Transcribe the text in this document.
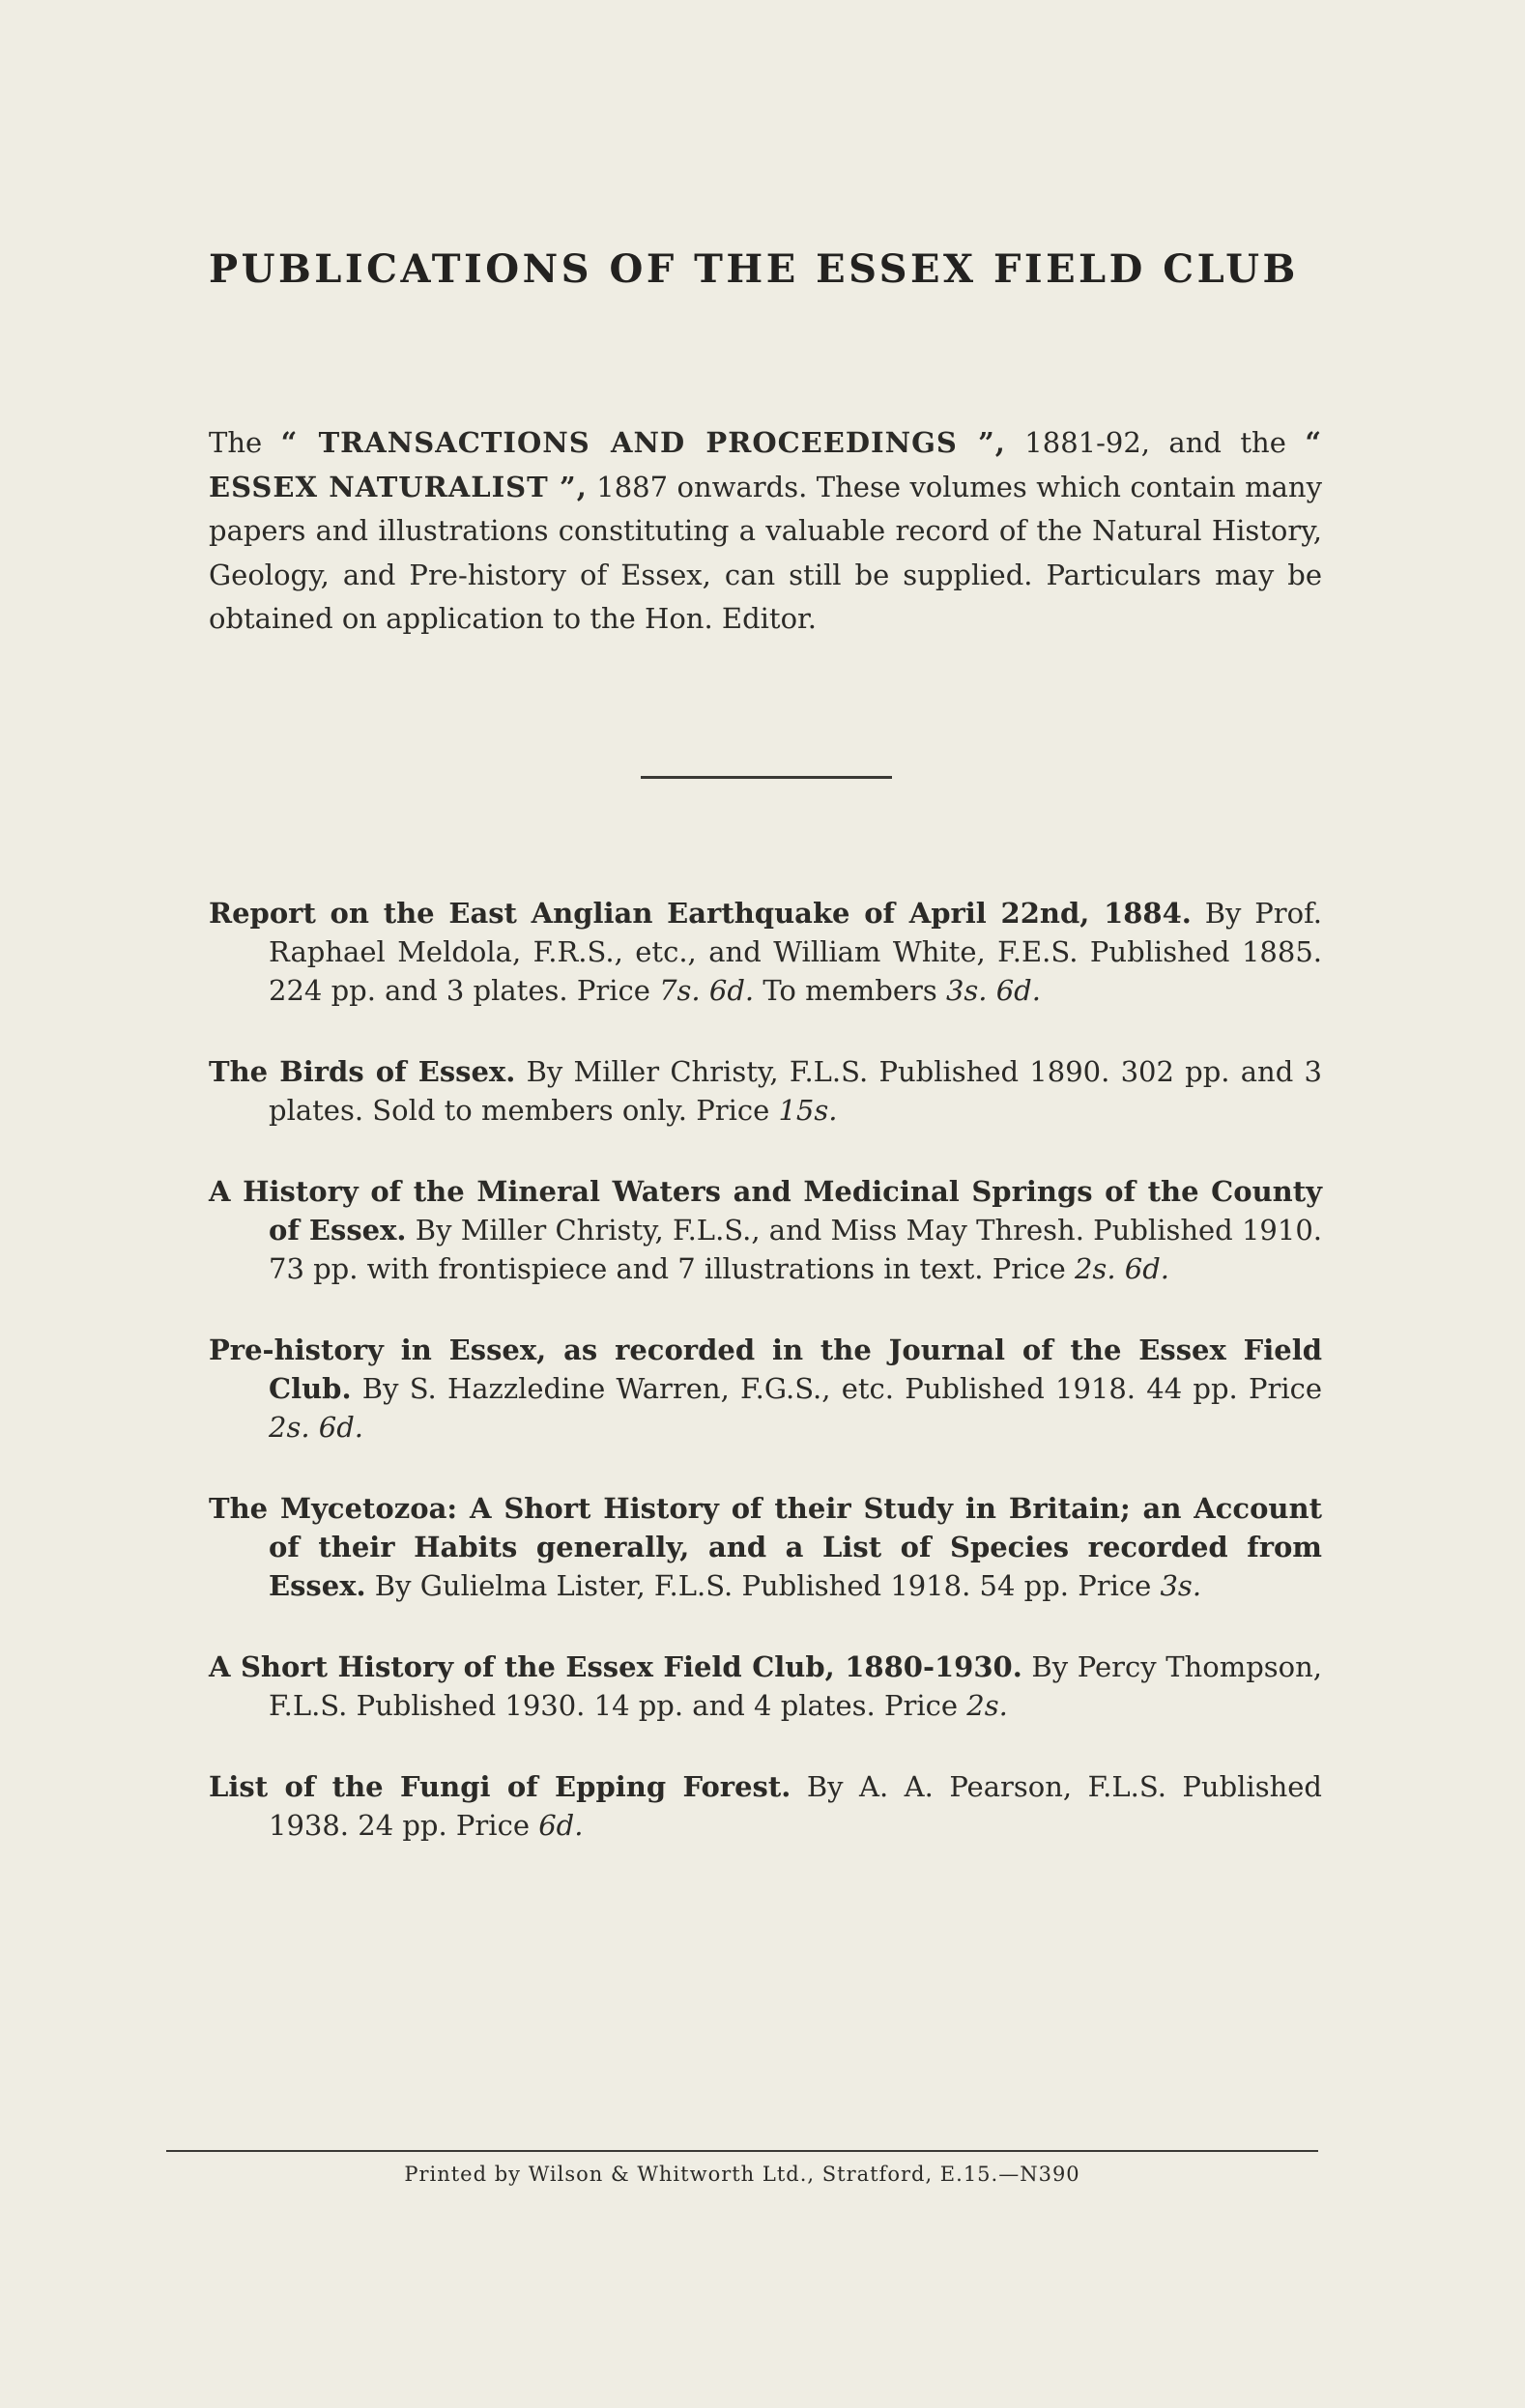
PUBLICATIONS OF THE ESSEX FIELD CLUB
The “ TRANSACTIONS AND PROCEEDINGS ”, 1881-92, and the “ ESSEX NATURALIST ”, 1887 onwards. These volumes which contain many papers and illustrations constituting a valuable record of the Natural History, Geology, and Pre-history of Essex, can still be supplied. Particulars may be obtained on application to the Hon. Editor.
Report on the East Anglian Earthquake of April 22nd, 1884. By Prof. Raphael Meldola, F.R.S., etc., and William White, F.E.S. Published 1885. 224 pp. and 3 plates. Price 7s. 6d. To members 3s. 6d.
The Birds of Essex. By Miller Christy, F.L.S. Published 1890. 302 pp. and 3 plates. Sold to members only. Price 15s.
A History of the Mineral Waters and Medicinal Springs of the County of Essex. By Miller Christy, F.L.S., and Miss May Thresh. Published 1910. 73 pp. with frontispiece and 7 illustrations in text. Price 2s. 6d.
Pre-history in Essex, as recorded in the Journal of the Essex Field Club. By S. Hazzledine Warren, F.G.S., etc. Published 1918. 44 pp. Price 2s. 6d.
The Mycetozoa: A Short History of their Study in Britain; an Account of their Habits generally, and a List of Species recorded from Essex. By Gulielma Lister, F.L.S. Published 1918. 54 pp. Price 3s.
A Short History of the Essex Field Club, 1880-1930. By Percy Thompson, F.L.S. Published 1930. 14 pp. and 4 plates. Price 2s.
List of the Fungi of Epping Forest. By A. A. Pearson, F.L.S. Published 1938. 24 pp. Price 6d.
Printed by Wilson & Whitworth Ltd., Stratford, E.15.—N390
